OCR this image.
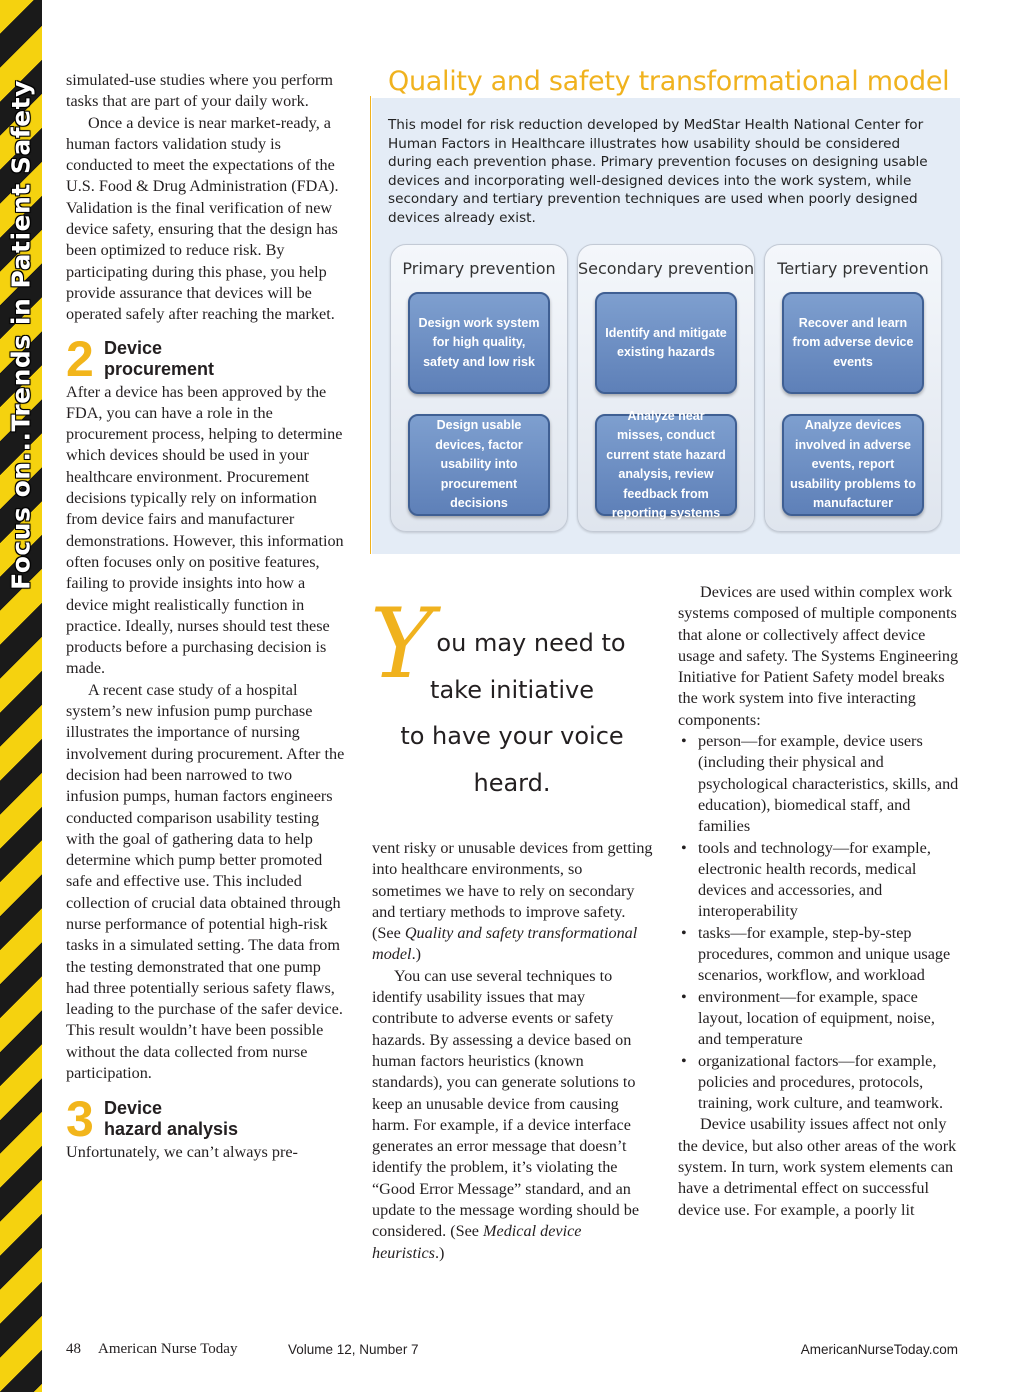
Focus on...Trends in Patient Safety

simulated-use studies where you perform tasks that are part of your daily work.

Once a device is near market-ready, a human factors validation study is conducted to meet the expectations of the U.S. Food & Drug Administration (FDA). Validation is the final verification of new device safety, ensuring that the design has been optimized to reduce risk. By participating during this phase, you help provide assurance that devices will be operated safely after reaching the market.

2 Device
procurement

After a device has been approved by the FDA, you can have a role in the procurement process, helping to determine which devices should be used in your healthcare environment. Procurement decisions typically rely on information from device fairs and manufacturer demonstrations. However, this information often focuses only on positive features, failing to provide insights into how a device might realistically function in practice. Ideally, nurses should test these products before a purchasing decision is made.

A recent case study of a hospital system’s new infusion pump purchase illustrates the importance of nursing involvement during procurement. After the decision had been narrowed to two infusion pumps, human factors engineers conducted comparison usability testing with the goal of gathering data to help determine which pump better promoted safe and effective use. This included collection of crucial data obtained through nurse performance of potential high-risk tasks in a simulated setting. The data from the testing demonstrated that one pump had three potentially serious safety flaws, leading to the purchase of the safer device. This result wouldn’t have been possible without the data collected from nurse participation.

3 Device
hazard analysis

Unfortunately, we can’t always pre-

Quality and safety transformational model
This model for risk reduction developed by MedStar Health National Center for Human Factors in Healthcare illustrates how usability should be considered during each prevention phase. Primary prevention focuses on designing usable devices and incorporating well-designed devices into the work system, while secondary and tertiary prevention techniques are used when poorly designed devices already exist.
Primary prevention
Design work system for high quality, safety and low risk
Design usable devices, factor usability into procurement decisions
Secondary prevention
Identify and mitigate existing hazards
Analyze near misses, conduct current state hazard analysis, review feedback from reporting systems
Tertiary prevention
Recover and learn from adverse device events
Analyze devices involved in adverse events, report usability problems to manufacturer
Y ou may need to
take initiative
to have your voice
heard.

vent risky or unusable devices from getting into healthcare environments, so sometimes we have to rely on secondary and tertiary methods to improve safety. (See Quality and safety transformational model.)

You can use several techniques to identify usability issues that may contribute to adverse events or safety hazards. By assessing a device based on human factors heuristics (known standards), you can generate solutions to keep an unusable device from causing harm. For example, if a device interface generates an error message that doesn’t identify the problem, it’s violating the “Good Error Message” standard, and an update to the message wording should be considered. (See Medical device heuristics.)

Devices are used within complex work systems composed of multiple components that alone or collectively affect device usage and safety. The Systems Engineering Initiative for Patient Safety model breaks the work system into five interacting components:

• person—for example, device users (including their physical and psychological characteristics, skills, and education), biomedical staff, and families
• tools and technology—for example, electronic health records, medical devices and accessories, and interoperability
• tasks—for example, step-by-step procedures, common and unique usage scenarios, workflow, and workload
• environment—for example, space layout, location of equipment, noise, and temperature
• organizational factors—for example, policies and procedures, protocols, training, work culture, and teamwork.

Device usability issues affect not only the device, but also other areas of the work system. In turn, work system elements can have a detrimental effect on successful device use. For example, a poorly lit

48 American Nurse Today	Volume 12, Number 7	AmericanNurseToday.com
